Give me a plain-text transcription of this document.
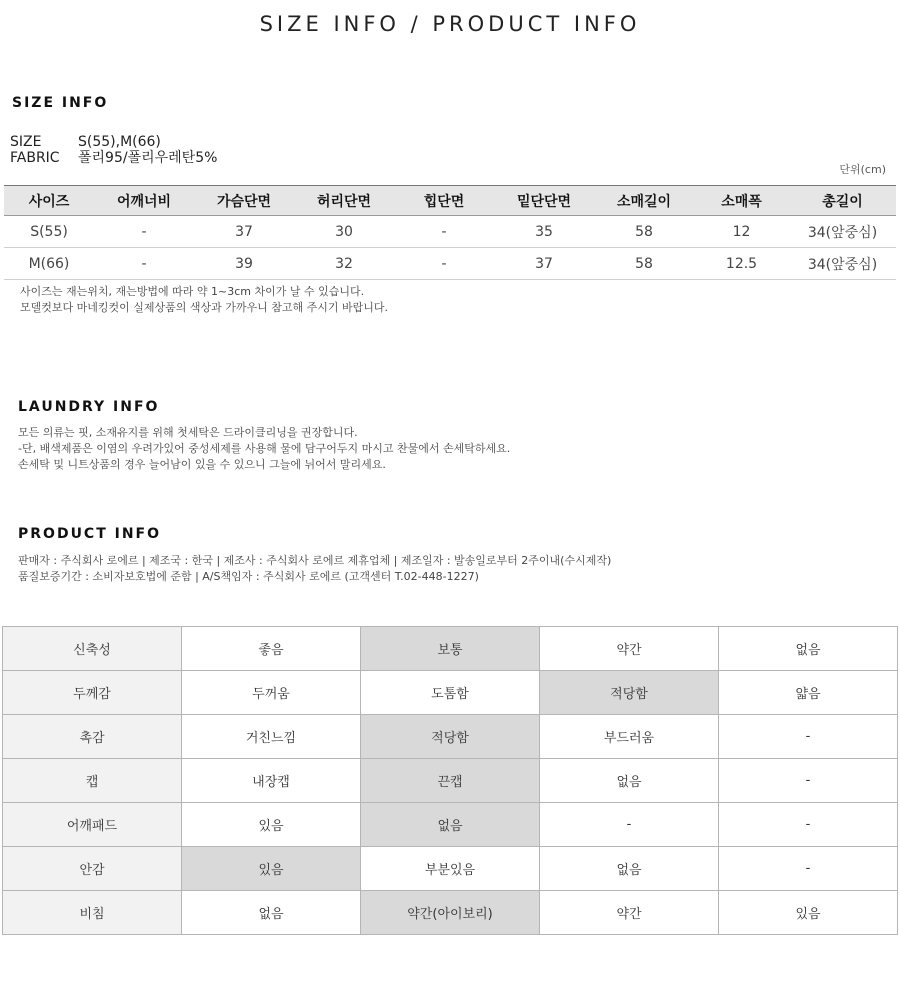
SIZE INFO / PRODUCT INFO
SIZE INFO
SIZE	S(55),M(66)
FABRIC 폴리95/폴리우레탄5%
단위(cm)
사이즈	어깨너비	가슴단면	허리단면	힙단면	밑단단면	소매길이	소매폭	총길이
S(55)	-	37	30	-	35	58	12	34(앞중심)
M(66)	-	39	32	-	37	58	12.5	34(앞중심)
사이즈는 재는위치, 재는방법에 따라 약 1~3cm 차이가 날 수 있습니다.
모델컷보다 마네킹컷이 실제상품의 색상과 가까우니 참고해 주시기 바랍니다.
LAUNDRY INFO
모든 의류는 핏, 소재유지를 위해 첫세탁은 드라이클리닝을 권장합니다.
-단, 배색제품은 이염의 우려가있어 중성세제를 사용해 물에 담구어두지 마시고 찬물에서 손세탁하세요.
손세탁 및 니트상품의 경우 늘어남이 있을 수 있으니 그늘에 뉘어서 말리세요.
PRODUCT INFO
판매자 : 주식회사 로에르 | 제조국 : 한국 | 제조사 : 주식회사 로에르 제휴업체 | 제조일자 : 발송일로부터 2주이내(수시제작)
품질보증기간 : 소비자보호법에 준함 | A/S책임자 : 주식회사 로에르 (고객센터 T.02-448-1227)
신축성	좋음	보통	약간	없음
두께감	두꺼움	도톰함	적당함	얇음
촉감	거친느낌	적당함	부드러움	-
캡	내장캡	끈캡	없음	-
어깨패드	있음	없음	-	-
안감	있음	부분있음	없음	-
비침	없음	약간(아이보리)	약간	있음
